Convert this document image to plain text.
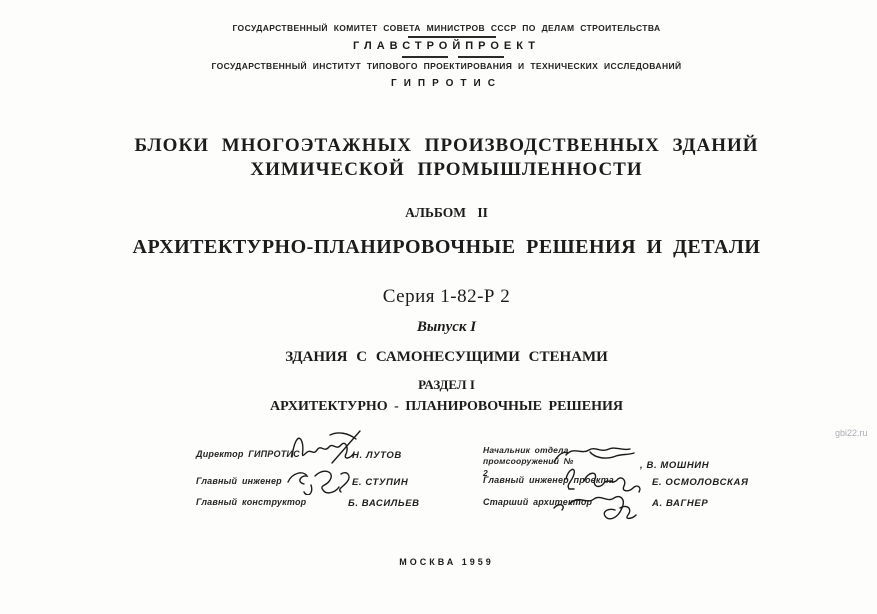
ГОСУДАРСТВЕННЫЙ КОМИТЕТ СОВЕТА МИНИСТРОВ СССР ПО ДЕЛАМ СТРОИТЕЛЬСТВА
ГЛАВСТРОЙПРОЕКТ
ГОСУДАРСТВЕННЫЙ ИНСТИТУТ ТИПОВОГО ПРОЕКТИРОВАНИЯ И ТЕХНИЧЕСКИХ ИССЛЕДОВАНИЙ
ГИПРОТИС
БЛОКИ МНОГОЭТАЖНЫХ ПРОИЗВОДСТВЕННЫХ ЗДАНИЙ
ХИМИЧЕСКОЙ ПРОМЫШЛЕННОСТИ
АЛЬБОМ II
АРХИТЕКТУРНО-ПЛАНИРОВОЧНЫЕ РЕШЕНИЯ И ДЕТАЛИ
Серия 1-82-Р 2
Выпуск I
ЗДАНИЯ С САМОНЕСУЩИМИ СТЕНАМИ
РАЗДЕЛ I
АРХИТЕКТУРНО - ПЛАНИРОВОЧНЫЕ РЕШЕНИЯ
Директор ГИПРОТИС	Н. ЛУТОВ
Главный инженер	Е. СТУПИН
Главный конструктор	Б. ВАСИЛЬЕВ
Начальник отдела промсооружений № 2
, В. МОШНИН
Главный инженер проекта	Е. ОСМОЛОВСКАЯ
Старший архитектор	А. ВАГНЕР
МОСКВА 1959
gbi22.ru
